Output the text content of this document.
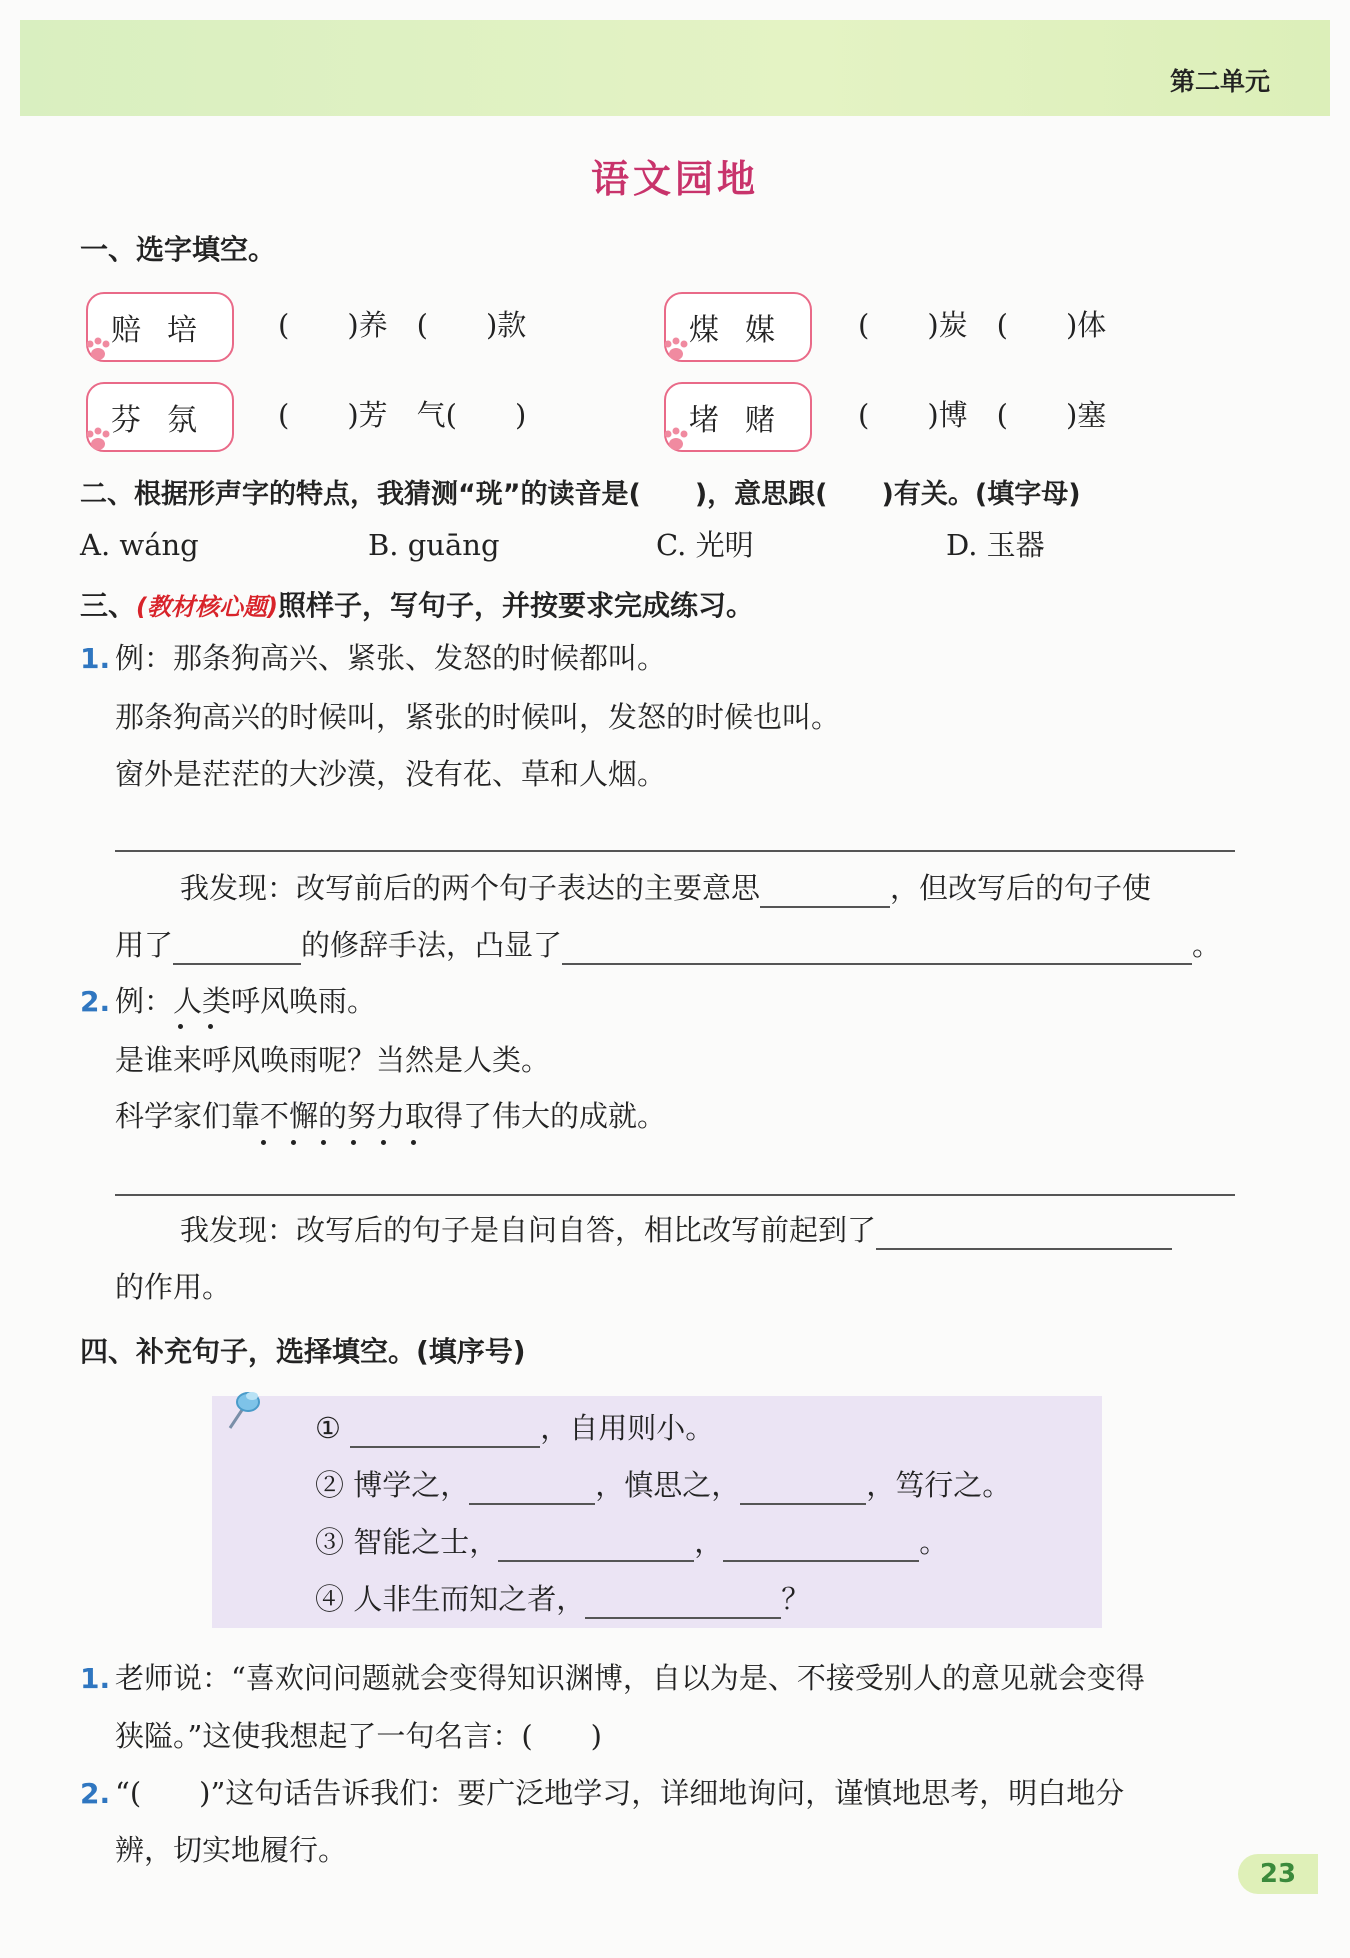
第二单元
语文园地
一、选字填空。
赔培 (　　)养　(　　)款	煤媒 (　　)炭　(　　)体
芬氛 (　　)芳　气(　　)	堵赌 (　　)博　(　　)塞
二、根据形声字的特点，我猜测“珖”的读音是(　　)，意思跟(　　)有关。(填字母)
A. wáng	B. guāng	C. 光明	D. 玉器
三、(教材核心题)照样子，写句子，并按要求完成练习。
1. 例：那条狗高兴、紧张、发怒的时候都叫。
那条狗高兴的时候叫，紧张的时候叫，发怒的时候也叫。
窗外是茫茫的大沙漠，没有花、草和人烟。
我发现：改写前后的两个句子表达的主要意思	，但改写后的句子使
用了	的修辞手法，凸显了	。
2. 例：人类呼风唤雨。
是谁来呼风唤雨呢？当然是人类。
科学家们靠不懈的努力取得了伟大的成就。
我发现：改写后的句子是自问自答，相比改写前起到了
的作用。
四、补充句子，选择填空。(填序号)
①	，自用则小。
② 博学之，	，慎思之，	，笃行之。
③ 智能之士，	，	。
④ 人非生而知之者，	？
1. 老师说：“喜欢问问题就会变得知识渊博，自以为是、不接受别人的意见就会变得
狭隘。”这使我想起了一句名言：(　　)
2. “(　　)”这句话告诉我们：要广泛地学习，详细地询问，谨慎地思考，明白地分
辨，切实地履行。
23
